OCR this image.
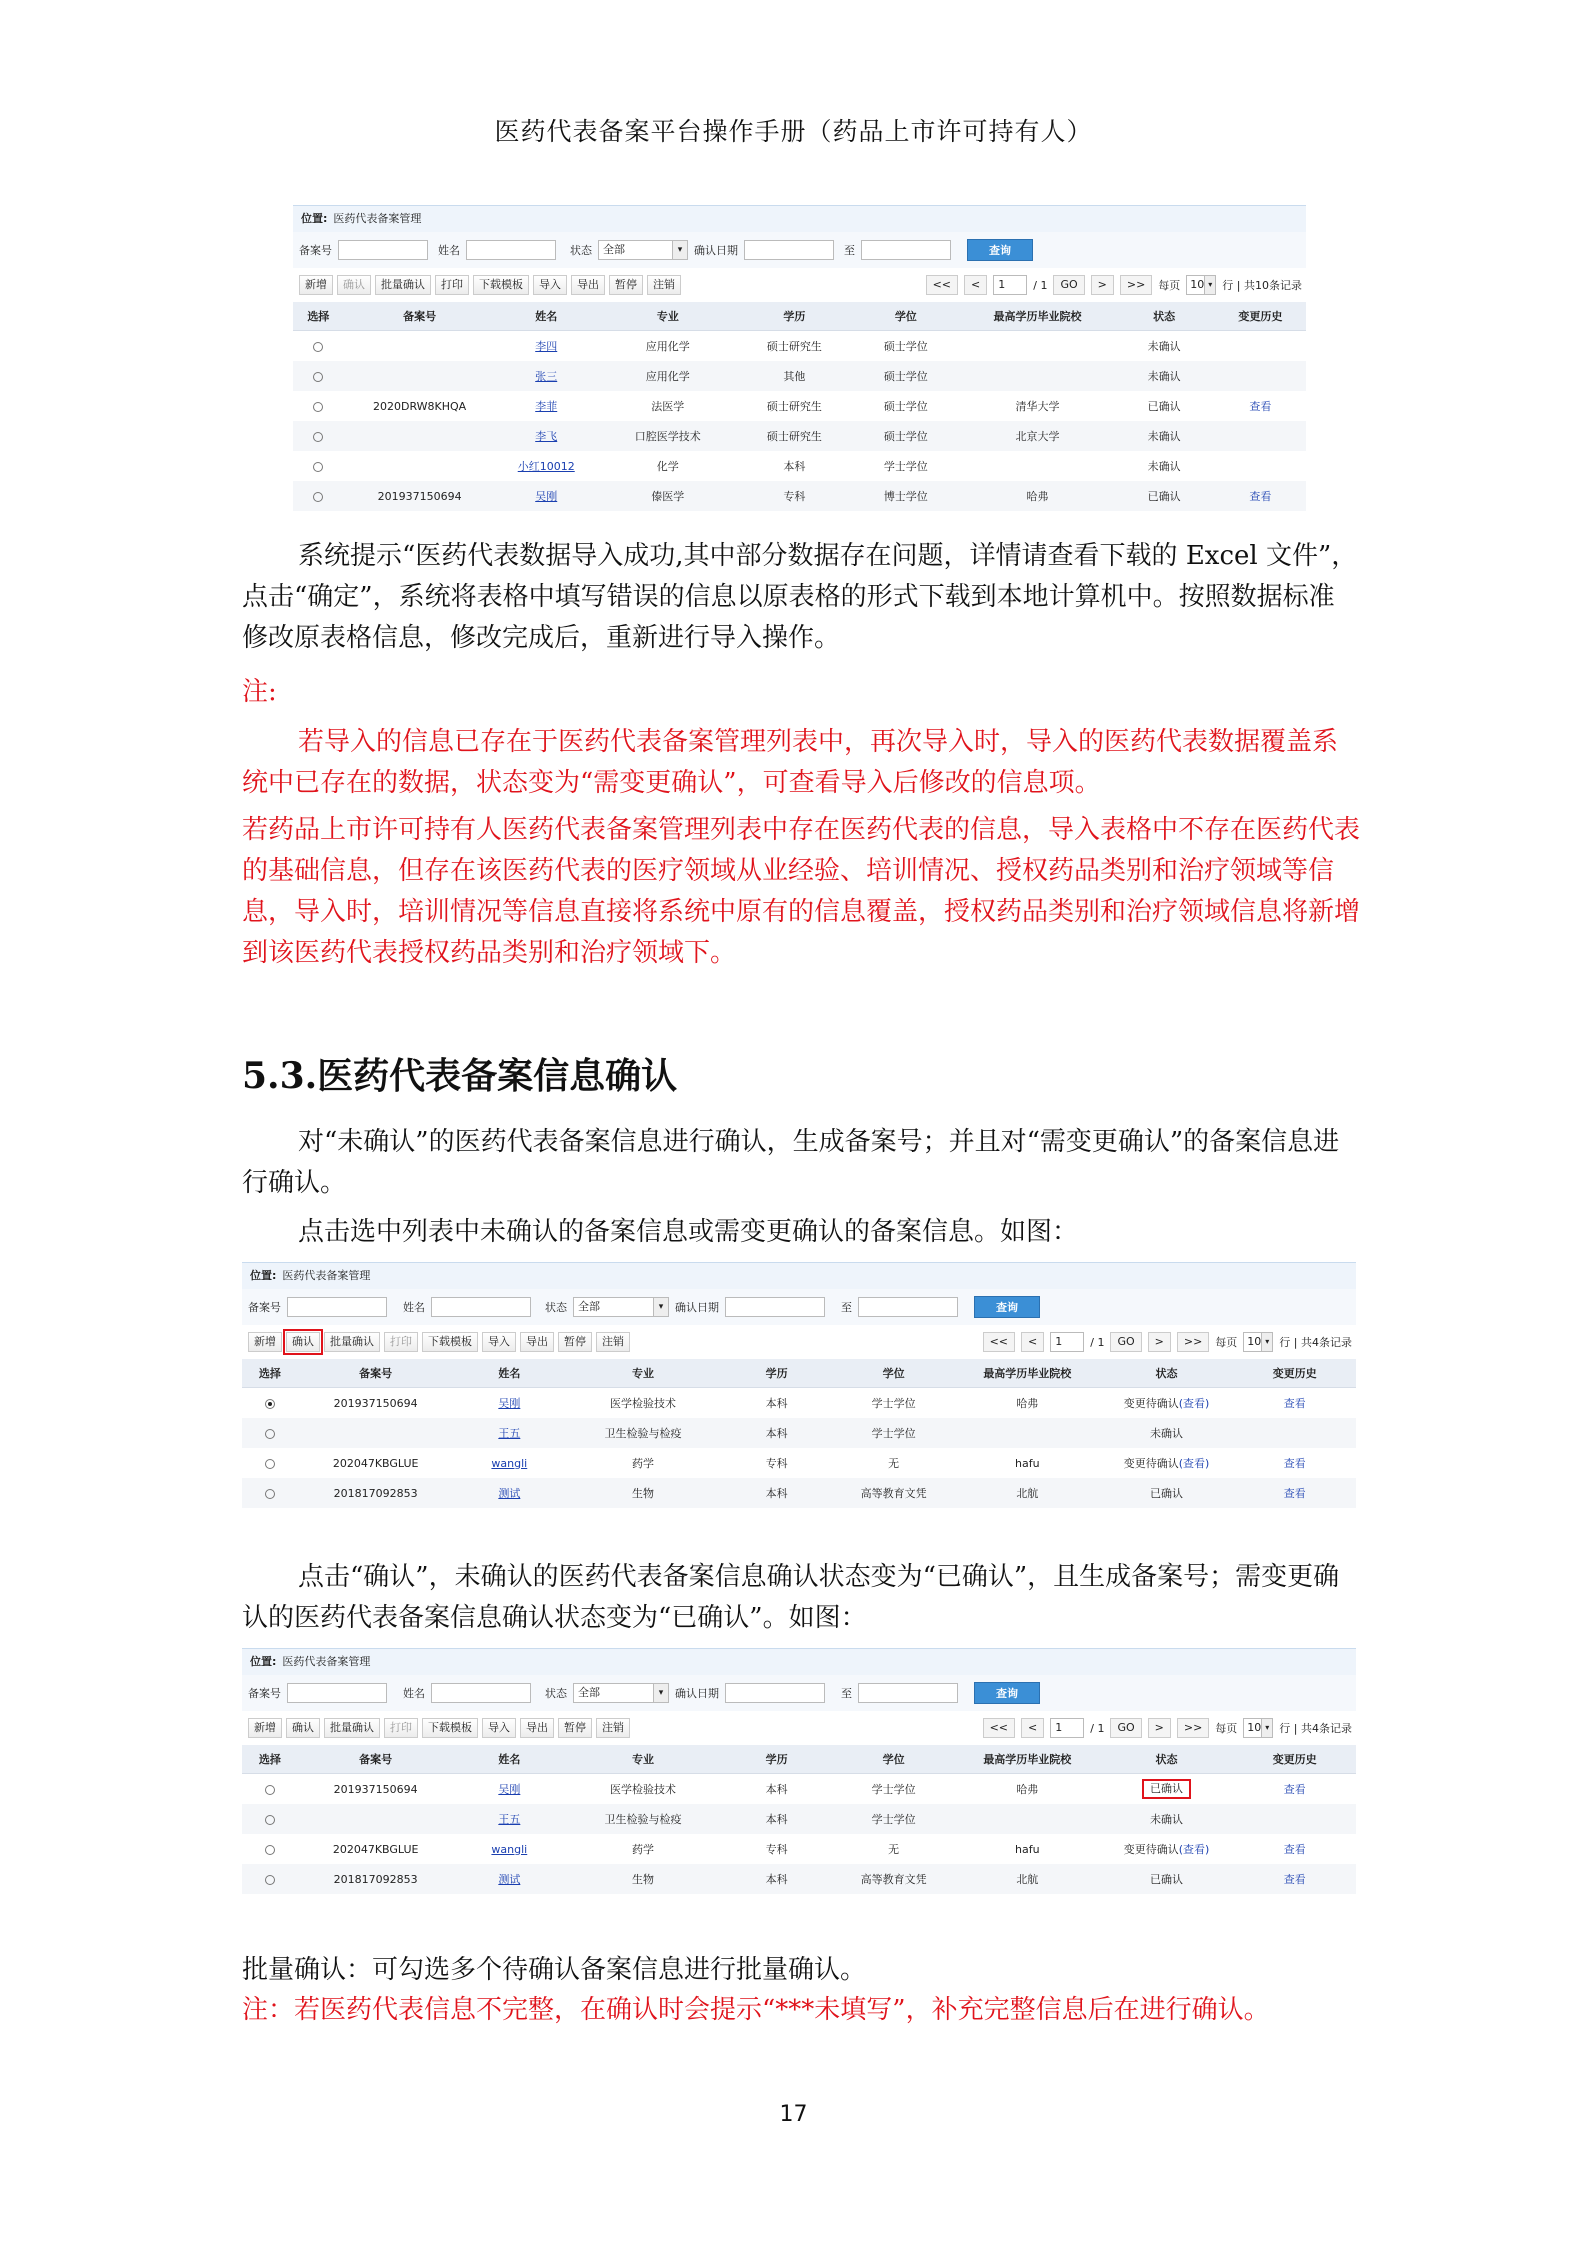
医药代表备案平台操作手册（药品上市许可持有人）
位置: 医药代表备案管理
备案号	姓名	状态	全部	▾	确认日期	至	查询
新增	确认	批量确认	打印	下载模板	导入	导出	暂停	注销	<<	<	1	/ 1	GO	>	>>	每页 10 ▾ 行 | 共10条记录
选择	备案号	姓名	专业	学历	学位	最高学历毕业院校	状态	变更历史
		李四	应用化学	硕士研究生	硕士学位		未确认	
		张三	应用化学	其他	硕士学位		未确认	
	2020DRW8KHQA	李菲	法医学	硕士研究生	硕士学位	清华大学	已确认	查看
		李飞	口腔医学技术	硕士研究生	硕士学位	北京大学	未确认	
		小红10012	化学	本科	学士学位		未确认	
	201937150694	吴刚	傣医学	专科	博士学位	哈弗	已确认	查看

系统提示“医药代表数据导入成功,其中部分数据存在问题，详情请查看下载的 Excel 文件”，点击“确定”，系统将表格中填写错误的信息以原表格的形式下载到本地计算机中。按照数据标准修改原表格信息，修改完成后，重新进行导入操作。

注:

若导入的信息已存在于医药代表备案管理列表中，再次导入时，导入的医药代表数据覆盖系统中已存在的数据，状态变为“需变更确认”，可查看导入后修改的信息项。

若药品上市许可持有人医药代表备案管理列表中存在医药代表的信息，导入表格中不存在医药代表的基础信息，但存在该医药代表的医疗领域从业经验、培训情况、授权药品类别和治疗领域等信息，导入时，培训情况等信息直接将系统中原有的信息覆盖，授权药品类别和治疗领域信息将新增到该医药代表授权药品类别和治疗领域下。

5.3.医药代表备案信息确认

对“未确认”的医药代表备案信息进行确认，生成备案号；并且对“需变更确认”的备案信息进行确认。

点击选中列表中未确认的备案信息或需变更确认的备案信息。如图：

位置: 医药代表备案管理
备案号	姓名	状态	全部	▾	确认日期	至	查询
新增	确认	批量确认	打印	下载模板	导入	导出	暂停	注销	<<	<	1	/ 1	GO	>	>>	每页 10 ▾ 行 | 共4条记录
选择	备案号	姓名	专业	学历	学位	最高学历毕业院校	状态	变更历史
	201937150694	吴刚	医学检验技术	本科	学士学位	哈弗	变更待确认(查看)	查看
		王五	卫生检验与检疫	本科	学士学位		未确认	
	202047KBGLUE	wangli	药学	专科	无	hafu	变更待确认(查看)	查看
	201817092853	测试	生物	本科	高等教育文凭	北航	已确认	查看

点击“确认”，未确认的医药代表备案信息确认状态变为“已确认”，且生成备案号；需变更确认的医药代表备案信息确认状态变为“已确认”。如图：

位置: 医药代表备案管理
备案号	姓名	状态	全部	▾	确认日期	至	查询
新增	确认	批量确认	打印	下载模板	导入	导出	暂停	注销	<<	<	1	/ 1	GO	>	>>	每页 10 ▾ 行 | 共4条记录
选择	备案号	姓名	专业	学历	学位	最高学历毕业院校	状态	变更历史
	201937150694	吴刚	医学检验技术	本科	学士学位	哈弗	已确认	查看
		王五	卫生检验与检疫	本科	学士学位		未确认	
	202047KBGLUE	wangli	药学	专科	无	hafu	变更待确认(查看)	查看
	201817092853	测试	生物	本科	高等教育文凭	北航	已确认	查看

批量确认：可勾选多个待确认备案信息进行批量确认。

注：若医药代表信息不完整，在确认时会提示“***未填写”，补充完整信息后在进行确认。

17
